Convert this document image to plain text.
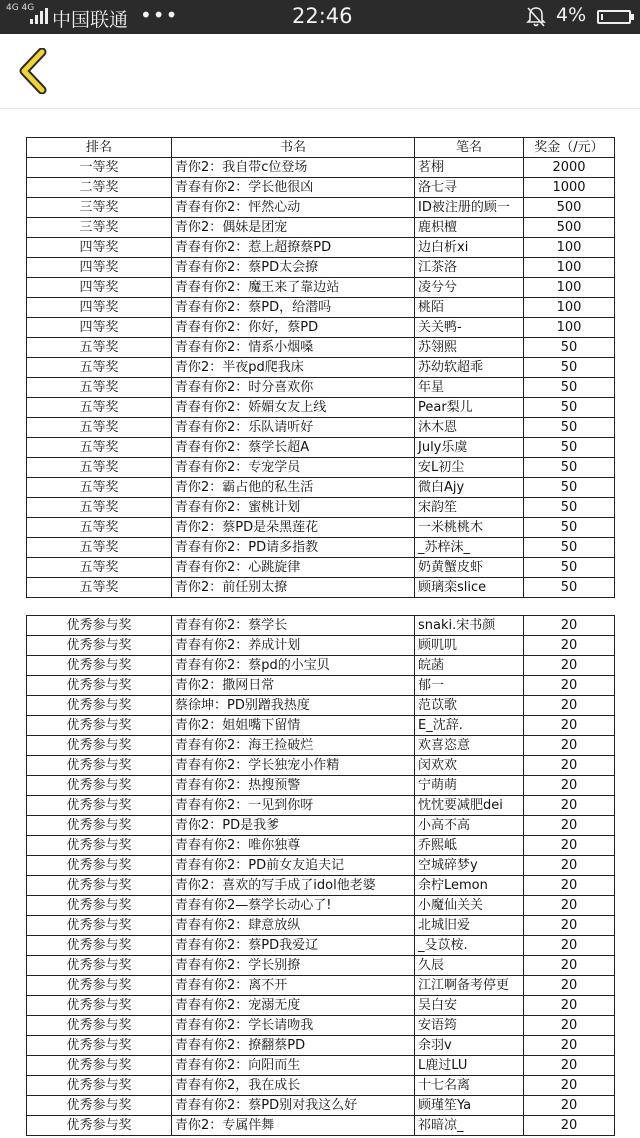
4G 4G
中国联通 •••	22:46	4%
排名	书名	笔名	奖金（/元）
一等奖	青你2：我自带c位登场	茗栩	2000
二等奖	青春有你2：学长他很凶	洛七寻	1000
三等奖	青春有你2：怦然心动	ID被注册的顾一	500
三等奖	青你2：偶妹是团宠	鹿枳檀	500
四等奖	青春有你2：惹上超撩蔡PD	边白析xi	100
四等奖	青春有你2：蔡PD太会撩	江茶洛	100
四等奖	青春有你2：魔王来了靠边站	凌兮兮	100
四等奖	青春有你2：蔡PD，给潜吗	桃陌	100
四等奖	青春有你2：你好，蔡PD	关关鸭-	100
五等奖	青春有你2：情系小烟嗓	苏翎熙	50
五等奖	青你2：半夜pd爬我床	苏幼软超乖	50
五等奖	青春有你2：时分喜欢你	年星	50
五等奖	青春有你2：娇媚女友上线	Pear梨儿	50
五等奖	青春有你2：乐队请听好	沐木恩	50
五等奖	青春有你2：蔡学长超A	July乐虞	50
五等奖	青春有你2：专宠学员	安L初尘	50
五等奖	青你2：霸占他的私生活	微白Ajy	50
五等奖	青春有你2：蜜桃计划	宋韵笙	50
五等奖	青你2：蔡PD是朵黑莲花	一米桃桃木	50
五等奖	青春有你2：PD请多指教	_苏梓沫_	50
五等奖	青春有你2：心跳旋律	奶黄蟹皮虾	50
五等奖	青你2：前任别太撩	顾璃栾slice	50
优秀参与奖	青春有你2：蔡学长	snaki.宋书颜	20
优秀参与奖	青春有你2：养成计划	顾叽叽	20
优秀参与奖	青春有你2：蔡pd的小宝贝	皖菡	20
优秀参与奖	青你2：撒网日常	郁一	20
优秀参与奖	蔡徐坤：PD别蹭我热度	范苡歌	20
优秀参与奖	青你2：姐姐嘴下留情	E_沈辞.	20
优秀参与奖	青春有你2：海王捡破烂	欢喜恣意	20
优秀参与奖	青春有你2：学长独宠小作精	闵欢欢	20
优秀参与奖	青春有你2：热搜预警	宁萌萌	20
优秀参与奖	青春有你2：一见到你呀	忱忱要减肥dei	20
优秀参与奖	青你2：PD是我爹	小高不高	20
优秀参与奖	青春有你2：唯你独尊	乔熙岻	20
优秀参与奖	青春有你2：PD前女友追夫记	空城碎梦y	20
优秀参与奖	青你2：喜欢的写手成了idol他老婆	余柠Lemon	20
优秀参与奖	青春有你2—蔡学长动心了!	小魔仙关关	20
优秀参与奖	青春有你2：肆意放纵	北城旧爱	20
优秀参与奖	青春有你2：蔡PD我爱辽	_殳苡桉.	20
优秀参与奖	青春有你2：学长别撩	久辰	20
优秀参与奖	青春有你2：离不开	江江啊备考停更	20
优秀参与奖	青春有你2：宠溺无度	吴白安	20
优秀参与奖	青春有你2：学长请吻我	安语筠	20
优秀参与奖	青春有你2：撩翻蔡PD	余羽v	20
优秀参与奖	青春有你2：向阳而生	L鹿过LU	20
优秀参与奖	青春有你2，我在成长	十七名离	20
优秀参与奖	青春有你2：蔡PD别对我这么好	顾瑾笙Ya	20
优秀参与奖	青你2：专属伴舞	祁暗凉_	20
